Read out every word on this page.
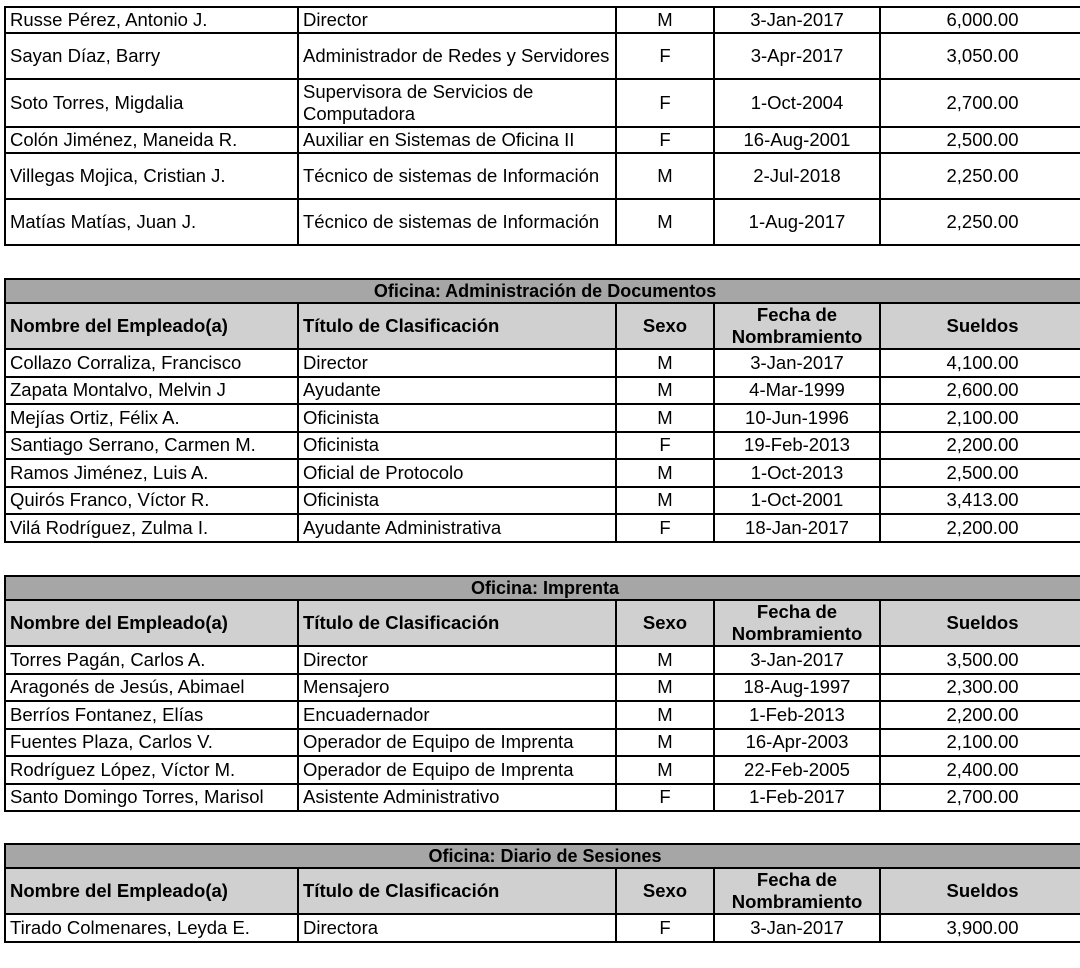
Russe Pérez, Antonio J.	Director	M	3-Jan-2017	6,000.00
Sayan Díaz, Barry	Administrador de Redes y Servidores	F	3-Apr-2017	3,050.00
Soto Torres, Migdalia	Supervisora de Servicios de Computadora	F	1-Oct-2004	2,700.00
Colón Jiménez, Maneida R.	Auxiliar en Sistemas de Oficina II	F	16-Aug-2001	2,500.00
Villegas Mojica, Cristian J.	Técnico de sistemas de Información	M	2-Jul-2018	2,250.00
Matías Matías, Juan J.	Técnico de sistemas de Información	M	1-Aug-2017	2,250.00
Oficina: Administración de Documentos				
Nombre del Empleado(a)	Título de Clasificación	Sexo	Fecha de Nombramiento	Sueldos
Collazo Corraliza, Francisco	Director	M	3-Jan-2017	4,100.00
Zapata Montalvo, Melvin J	Ayudante	M	4-Mar-1999	2,600.00
Mejías Ortiz, Félix A.	Oficinista	M	10-Jun-1996	2,100.00
Santiago Serrano, Carmen M.	Oficinista	F	19-Feb-2013	2,200.00
Ramos Jiménez, Luis A.	Oficial de Protocolo	M	1-Oct-2013	2,500.00
Quirós Franco, Víctor R.	Oficinista	M	1-Oct-2001	3,413.00
Vilá Rodríguez, Zulma I.	Ayudante Administrativa	F	18-Jan-2017	2,200.00
Oficina: Imprenta				
Nombre del Empleado(a)	Título de Clasificación	Sexo	Fecha de Nombramiento	Sueldos
Torres Pagán, Carlos A.	Director	M	3-Jan-2017	3,500.00
Aragonés de Jesús, Abimael	Mensajero	M	18-Aug-1997	2,300.00
Berríos Fontanez, Elías	Encuadernador	M	1-Feb-2013	2,200.00
Fuentes Plaza, Carlos V.	Operador de Equipo de Imprenta	M	16-Apr-2003	2,100.00
Rodríguez López, Víctor M.	Operador de Equipo de Imprenta	M	22-Feb-2005	2,400.00
Santo Domingo Torres, Marisol	Asistente Administrativo	F	1-Feb-2017	2,700.00
Oficina: Diario de Sesiones				
Nombre del Empleado(a)	Título de Clasificación	Sexo	Fecha de Nombramiento	Sueldos
Tirado Colmenares, Leyda E.	Directora	F	3-Jan-2017	3,900.00
